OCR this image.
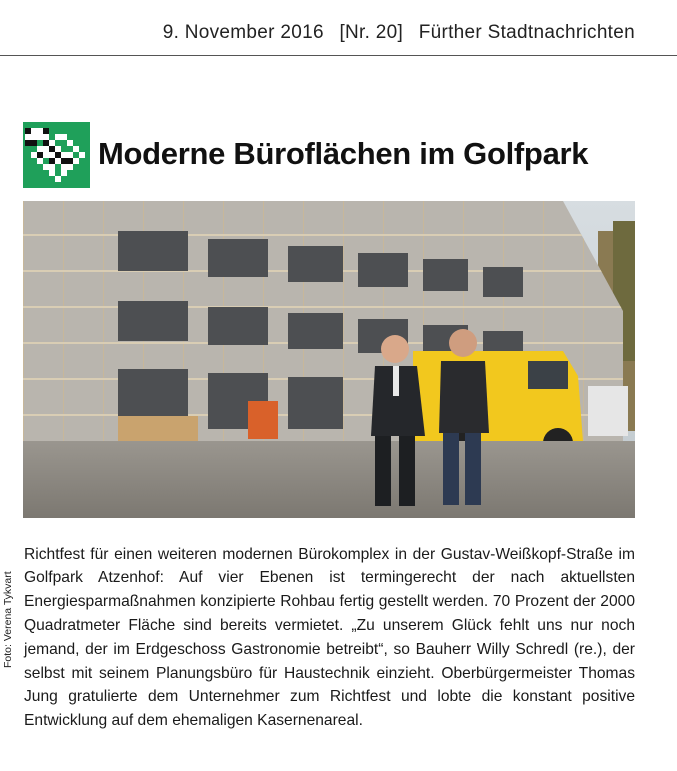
9. November 2016 [Nr. 20] Fürther Stadtnachrichten
Moderne Büroflächen im Golfpark
Foto: Verena Tykvart

Richtfest für einen weiteren modernen Bürokomplex in der Gustav-Weißkopf-Straße im Golfpark Atzenhof: Auf vier Ebenen ist termingerecht der nach aktuellsten Energiesparmaßnahmen konzipierte Rohbau fertig gestellt werden. 70 Prozent der 2000 Quadratmeter Fläche sind bereits vermietet. „Zu unserem Glück fehlt uns nur noch jemand, der im Erdgeschoss Gastronomie betreibt“, so Bauherr Willy Schredl (re.), der selbst mit seinem Planungsbüro für Haustechnik einzieht. Oberbürgermeister Thomas Jung gratulierte dem Unternehmer zum Richtfest und lobte die konstant positive Entwicklung auf dem ehemaligen Kasernenareal.
